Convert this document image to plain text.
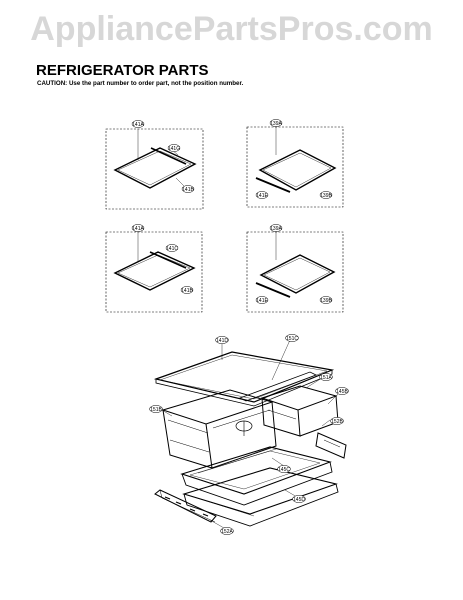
AppliancePartsPros.com
REFRIGERATOR PARTS
CAUTION: Use the part number to order part, not the position number.
141A
141G
141B
139A
141E	139B
141A
141C
141B
139A
141E	139B
141D	151C
151A
145B
151B
152B
145C
145D
152A
